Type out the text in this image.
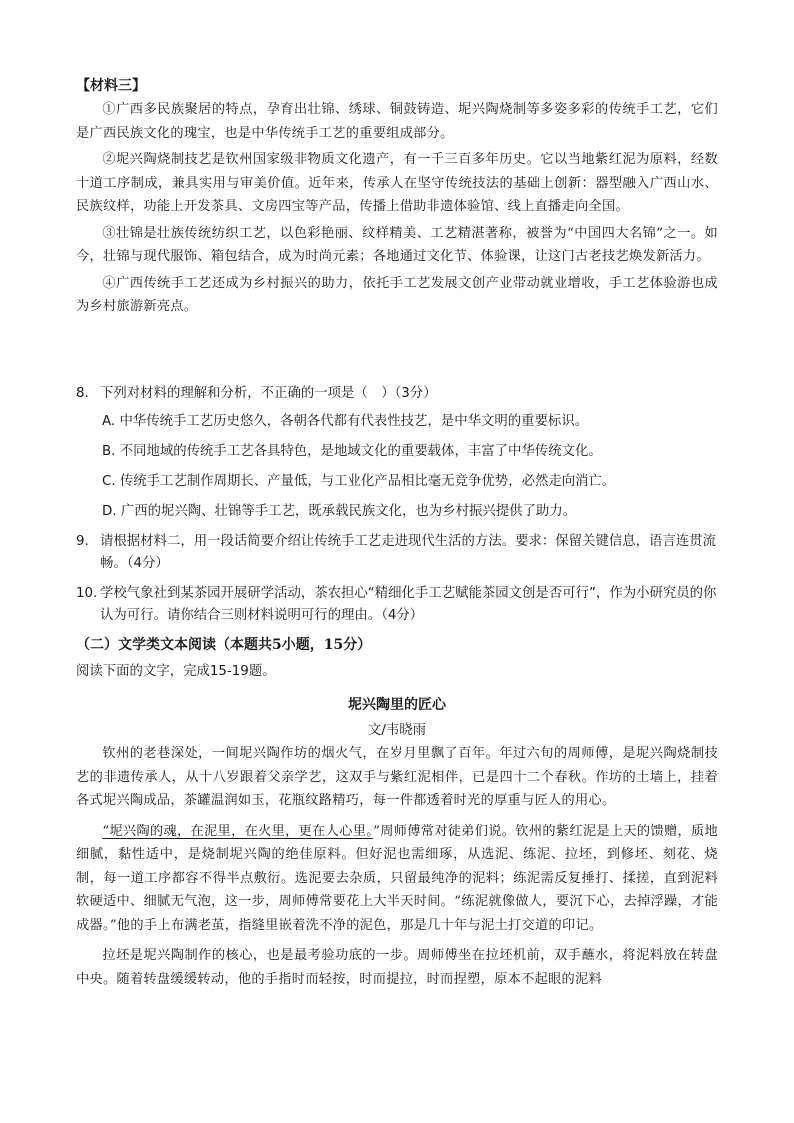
【材料三】

①广西多民族聚居的特点，孕育出壮锦、绣球、铜鼓铸造、坭兴陶烧制等多姿多彩的传统手工艺，它们是广西民族文化的瑰宝，也是中华传统手工艺的重要组成部分。

②坭兴陶烧制技艺是钦州国家级非物质文化遗产，有一千三百多年历史。它以当地紫红泥为原料，经数十道工序制成，兼具实用与审美价值。近年来，传承人在坚守传统技法的基础上创新：器型融入广西山水、民族纹样，功能上开发茶具、文房四宝等产品，传播上借助非遗体验馆、线上直播走向全国。

③壮锦是壮族传统纺织工艺，以色彩艳丽、纹样精美、工艺精湛著称，被誉为“中国四大名锦”之一。如今，壮锦与现代服饰、箱包结合，成为时尚元素；各地通过文化节、体验课，让这门古老技艺焕发新活力。

④广西传统手工艺还成为乡村振兴的助力，依托手工艺发展文创产业带动就业增收，手工艺体验游也成为乡村旅游新亮点。

8. 下列对材料的理解和分析，不正确的一项是（　）（3分）
A. 中华传统手工艺历史悠久，各朝各代都有代表性技艺，是中华文明的重要标识。
B. 不同地域的传统手工艺各具特色，是地域文化的重要载体，丰富了中华传统文化。
C. 传统手工艺制作周期长、产量低，与工业化产品相比毫无竞争优势，必然走向消亡。
D. 广西的坭兴陶、壮锦等手工艺，既承载民族文化，也为乡村振兴提供了助力。
9. 请根据材料二，用一段话简要介绍让传统手工艺走进现代生活的方法。要求：保留关键信息，语言连贯流畅。（4分）
10. 学校气象社到某茶园开展研学活动，茶农担心“精细化手工艺赋能茶园文创是否可行”，作为小研究员的你认为可行。请你结合三则材料说明可行的理由。（4分）
（二）文学类文本阅读（本题共5小题，15分）
阅读下面的文字，完成15-19题。
坭兴陶里的匠心
文/韦晓雨

钦州的老巷深处，一间坭兴陶作坊的烟火气，在岁月里飘了百年。年过六旬的周师傅，是坭兴陶烧制技艺的非遗传承人，从十八岁跟着父亲学艺，这双手与紫红泥相伴，已是四十二个春秋。作坊的土墙上，挂着各式坭兴陶成品，茶罐温润如玉，花瓶纹路精巧，每一件都透着时光的厚重与匠人的用心。

“坭兴陶的魂，在泥里，在火里，更在人心里。”周师傅常对徒弟们说。钦州的紫红泥是上天的馈赠，质地细腻，黏性适中，是烧制坭兴陶的绝佳原料。但好泥也需细琢，从选泥、练泥、拉坯，到修坯、刻花、烧制，每一道工序都容不得半点敷衍。选泥要去杂质，只留最纯净的泥料；练泥需反复捶打、揉搓，直到泥料软硬适中、细腻无气泡，这一步，周师傅常要花上大半天时间。“练泥就像做人，要沉下心，去掉浮躁，才能成器。”他的手上布满老茧，指缝里嵌着洗不净的泥色，那是几十年与泥土打交道的印记。

拉坯是坭兴陶制作的核心，也是最考验功底的一步。周师傅坐在拉坯机前，双手蘸水，将泥料放在转盘中央。随着转盘缓缓转动，他的手指时而轻按，时而提拉，时而捏塑，原本不起眼的泥料
